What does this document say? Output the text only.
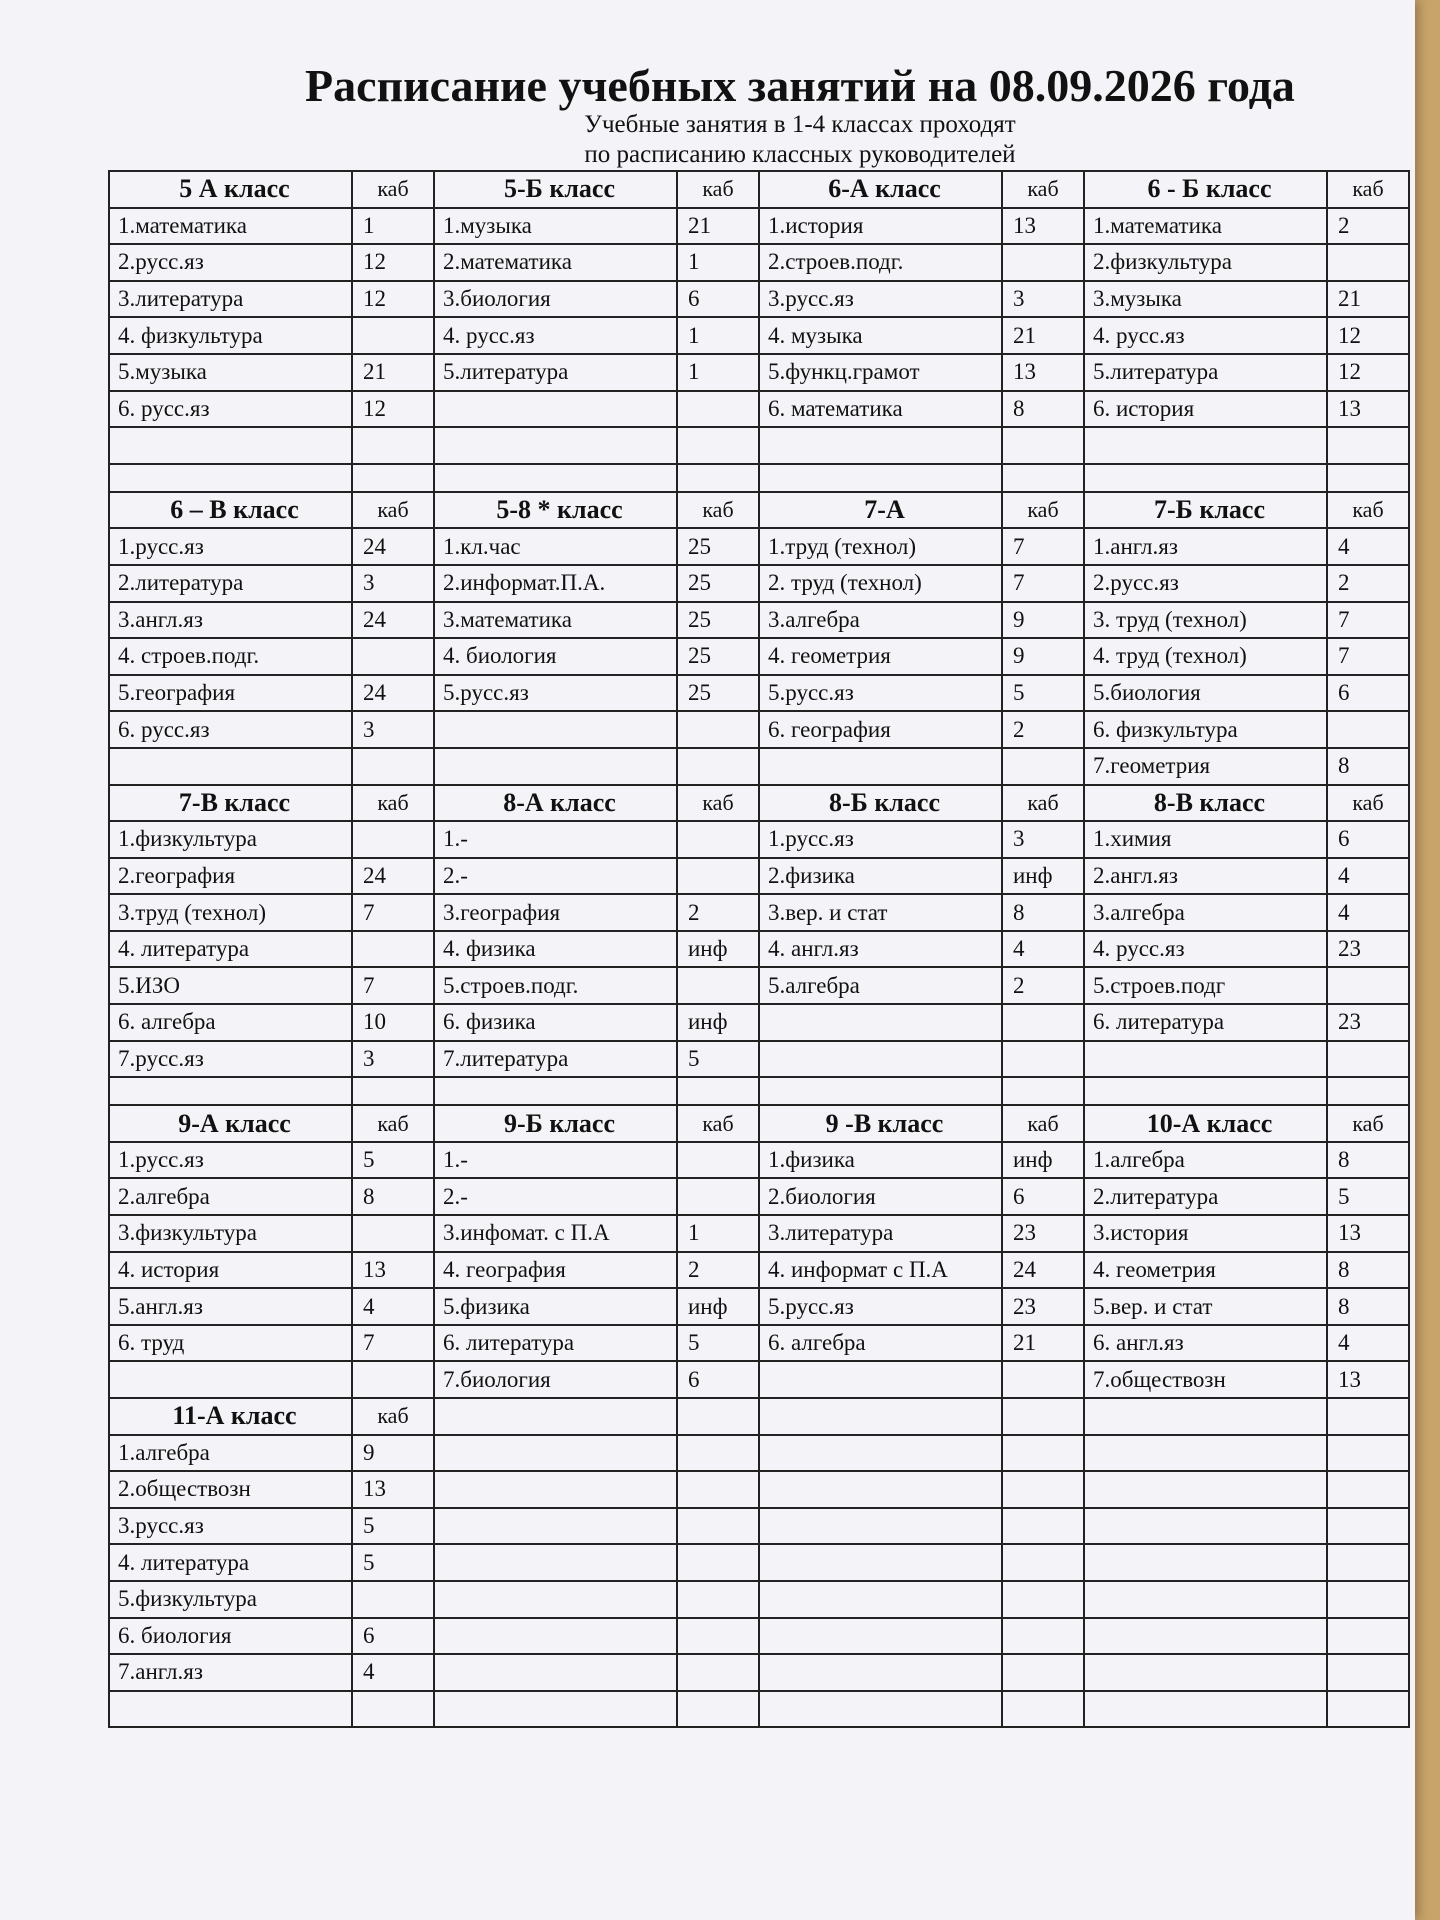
Расписание учебных занятий на 08.09.2026 года
Учебные занятия в 1-4 классах проходят
по расписанию классных руководителей
5 А класс	каб	5-Б класс	каб	6-А класс	каб	6 - Б класс	каб
1.математика	1	1.музыка	21	1.история	13	1.математика	2
2.русс.яз	12	2.математика	1	2.строев.подг.		2.физкультура	
3.литература	12	3.биология	6	3.русс.яз	3	3.музыка	21
4. физкультура		4. русс.яз	1	4. музыка	21	4. русс.яз	12
5.музыка	21	5.литература	1	5.функц.грамот	13	5.литература	12
6. русс.яз	12			6. математика	8	6. история	13

6 – В класс	каб	5-8 * класс	каб	7-А	каб	7-Б класс	каб
1.русс.яз	24	1.кл.час	25	1.труд (технол)	7	1.англ.яз	4
2.литература	3	2.информат.П.А.	25	2. труд (технол)	7	2.русс.яз	2
3.англ.яз	24	3.математика	25	3.алгебра	9	3. труд (технол)	7
4. строев.подг.		4. биология	25	4. геометрия	9	4. труд (технол)	7
5.география	24	5.русс.яз	25	5.русс.яз	5	5.биология	6
6. русс.яз	3			6. география	2	6. физкультура	
						7.геометрия	8
7-В класс	каб	8-А класс	каб	8-Б класс	каб	8-В класс	каб
1.физкультура		1.-		1.русс.яз	3	1.химия	6
2.география	24	2.-		2.физика	инф	2.англ.яз	4
3.труд (технол)	7	3.география	2	3.вер. и стат	8	3.алгебра	4
4. литература		4. физика	инф	4. англ.яз	4	4. русс.яз	23
5.ИЗО	7	5.строев.подг.		5.алгебра	2	5.строев.подг	
6. алгебра	10	6. физика	инф			6. литература	23
7.русс.яз	3	7.литература	5				

9-А класс	каб	9-Б класс	каб	9 -В класс	каб	10-А класс	каб
1.русс.яз	5	1.-		1.физика	инф	1.алгебра	8
2.алгебра	8	2.-		2.биология	6	2.литература	5
3.физкультура		3.инфомат. с П.А	1	3.литература	23	3.история	13
4. история	13	4. география	2	4. информат с П.А	24	4. геометрия	8
5.англ.яз	4	5.физика	инф	5.русс.яз	23	5.вер. и стат	8
6. труд	7	6. литература	5	6. алгебра	21	6. англ.яз	4
		7.биология	6			7.обществозн	13
11-А класс	каб						
1.алгебра	9						
2.обществозн	13						
3.русс.яз	5						
4. литература	5						
5.физкультура							
6. биология	6						
7.англ.яз	4						
